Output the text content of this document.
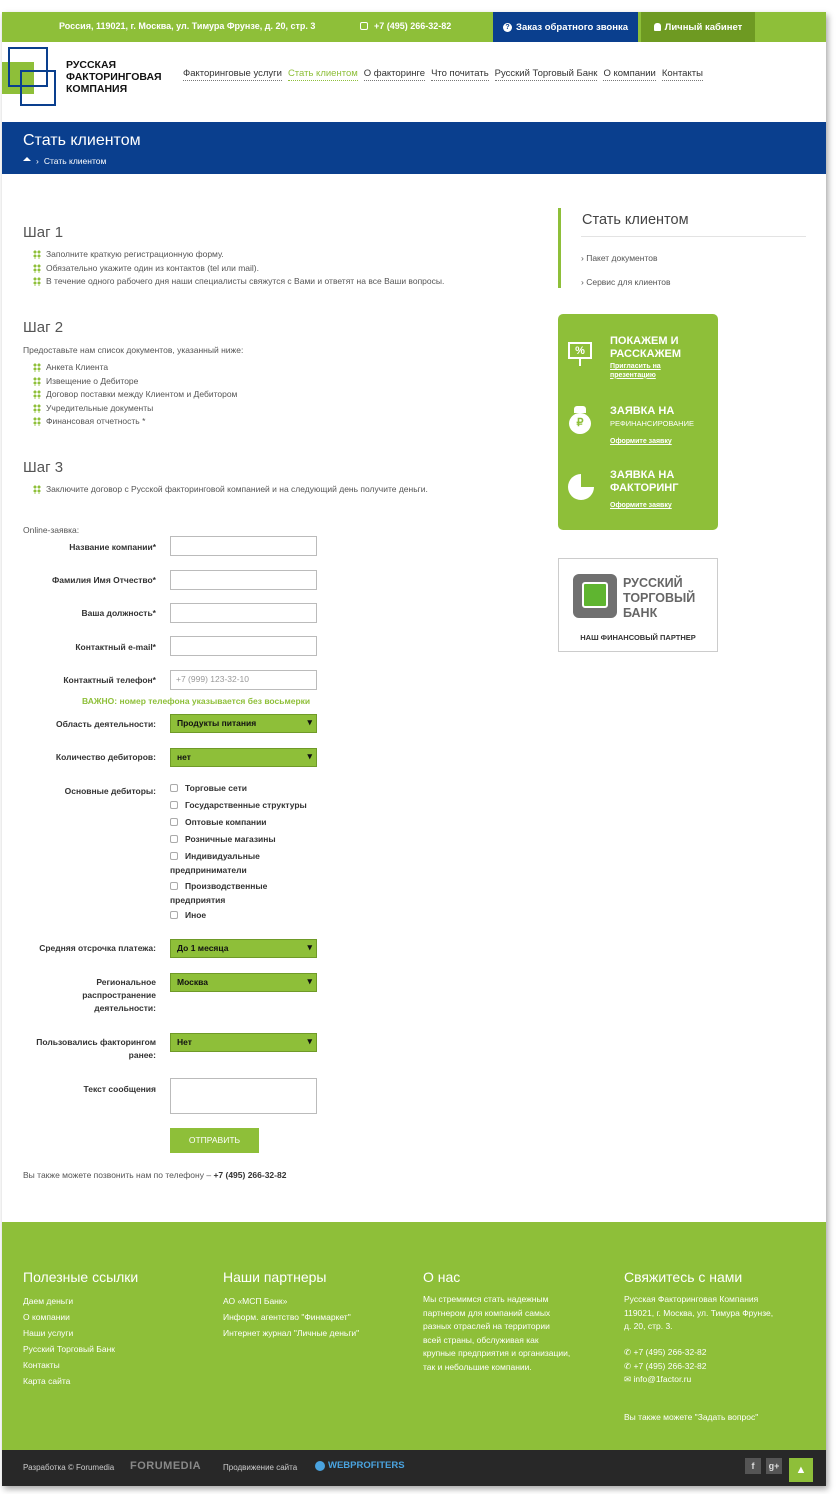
Россия, 119021, г. Москва, ул. Тимура Фрунзе, д. 20, стр. 3	+7 (495) 266-32-82	? Заказ обратного звонка	Личный кабинет
РУССКАЯ
ФАКТОРИНГОВАЯ
КОМПАНИЯ
Факторинговые услуги Стать клиентом О факторинге Что почитать Русский Торговый Банк О компании Контакты
Стать клиентом
› Стать клиентом
Шаг 1
Заполните краткую регистрационную форму.
Обязательно укажите один из контактов (tel или mail).
В течение одного рабочего дня наши специалисты свяжутся с Вами и ответят на все Ваши вопросы.
Шаг 2
Предоставьте нам список документов, указанный ниже:
Анкета Клиента
Извещение о Дебиторе
Договор поставки между Клиентом и Дебитором
Учредительные документы
Финансовая отчетность *
Шаг 3
Заключите договор с Русской факторинговой компанией и на следующий день получите деньги.
Online-заявка:
Название компании*
Фамилия Имя Отчество*
Ваша должность*
Контактный e-mail*
Контактный телефон*	+7 (999) 123-32-10
ВАЖНО: номер телефона указывается без восьмерки
Область деятельности:	Продукты питания ▾
Количество дебиторов:	нет ▾
Основные дебиторы:	Торговые сети
Государственные структуры
Оптовые компании
Розничные магазины
Индивидуальные предприниматели
Производственные предприятия
Иное
Средняя отсрочка платежа:	До 1 месяца ▾
Региональное распространение деятельности:
Москва ▾
Пользовались факторингом ранее:
Нет ▾
Текст сообщения
ОТПРАВИТЬ
Вы также можете позвонить нам по телефону – +7 (495) 266-32-82
Стать клиентом
› Пакет документов
› Сервис для клиентов
%
ПОКАЖЕМ И
РАССКАЖЕМ
Пригласить на презентацию
₽
ЗАЯВКА НА
РЕФИНАНСИРОВАНИЕ
Оформите заявку
ЗАЯВКА НА
ФАКТОРИНГ
Оформите заявку
РУССКИЙ
ТОРГОВЫЙ
БАНК
НАШ ФИНАНСОВЫЙ ПАРТНЕР
Полезные ссылки
Даем деньги
О компании
Наши услуги
Русский Торговый Банк
Контакты
Карта сайта
Наши партнеры
АО «МСП Банк»
Информ. агентство "Финмаркет"
Интернет журнал "Личные деньги"
О нас
Мы стремимся стать надежным
партнером для компаний самых
разных отраслей на территории
всей страны, обслуживая как
крупные предприятия и организации,
так и небольшие компании.
Свяжитесь с нами
Русская Факторинговая Компания
119021, г. Москва, ул. Тимура Фрунзе,
д. 20, стр. 3.
✆ +7 (495) 266-32-82
✆ +7 (495) 266-32-82
✉ info@1factor.ru
Вы также можете "Задать вопрос"
Разработка © Forumedia FORUMEDIA	Продвижение сайта	WEBPROFITERS	f	g+	▲
